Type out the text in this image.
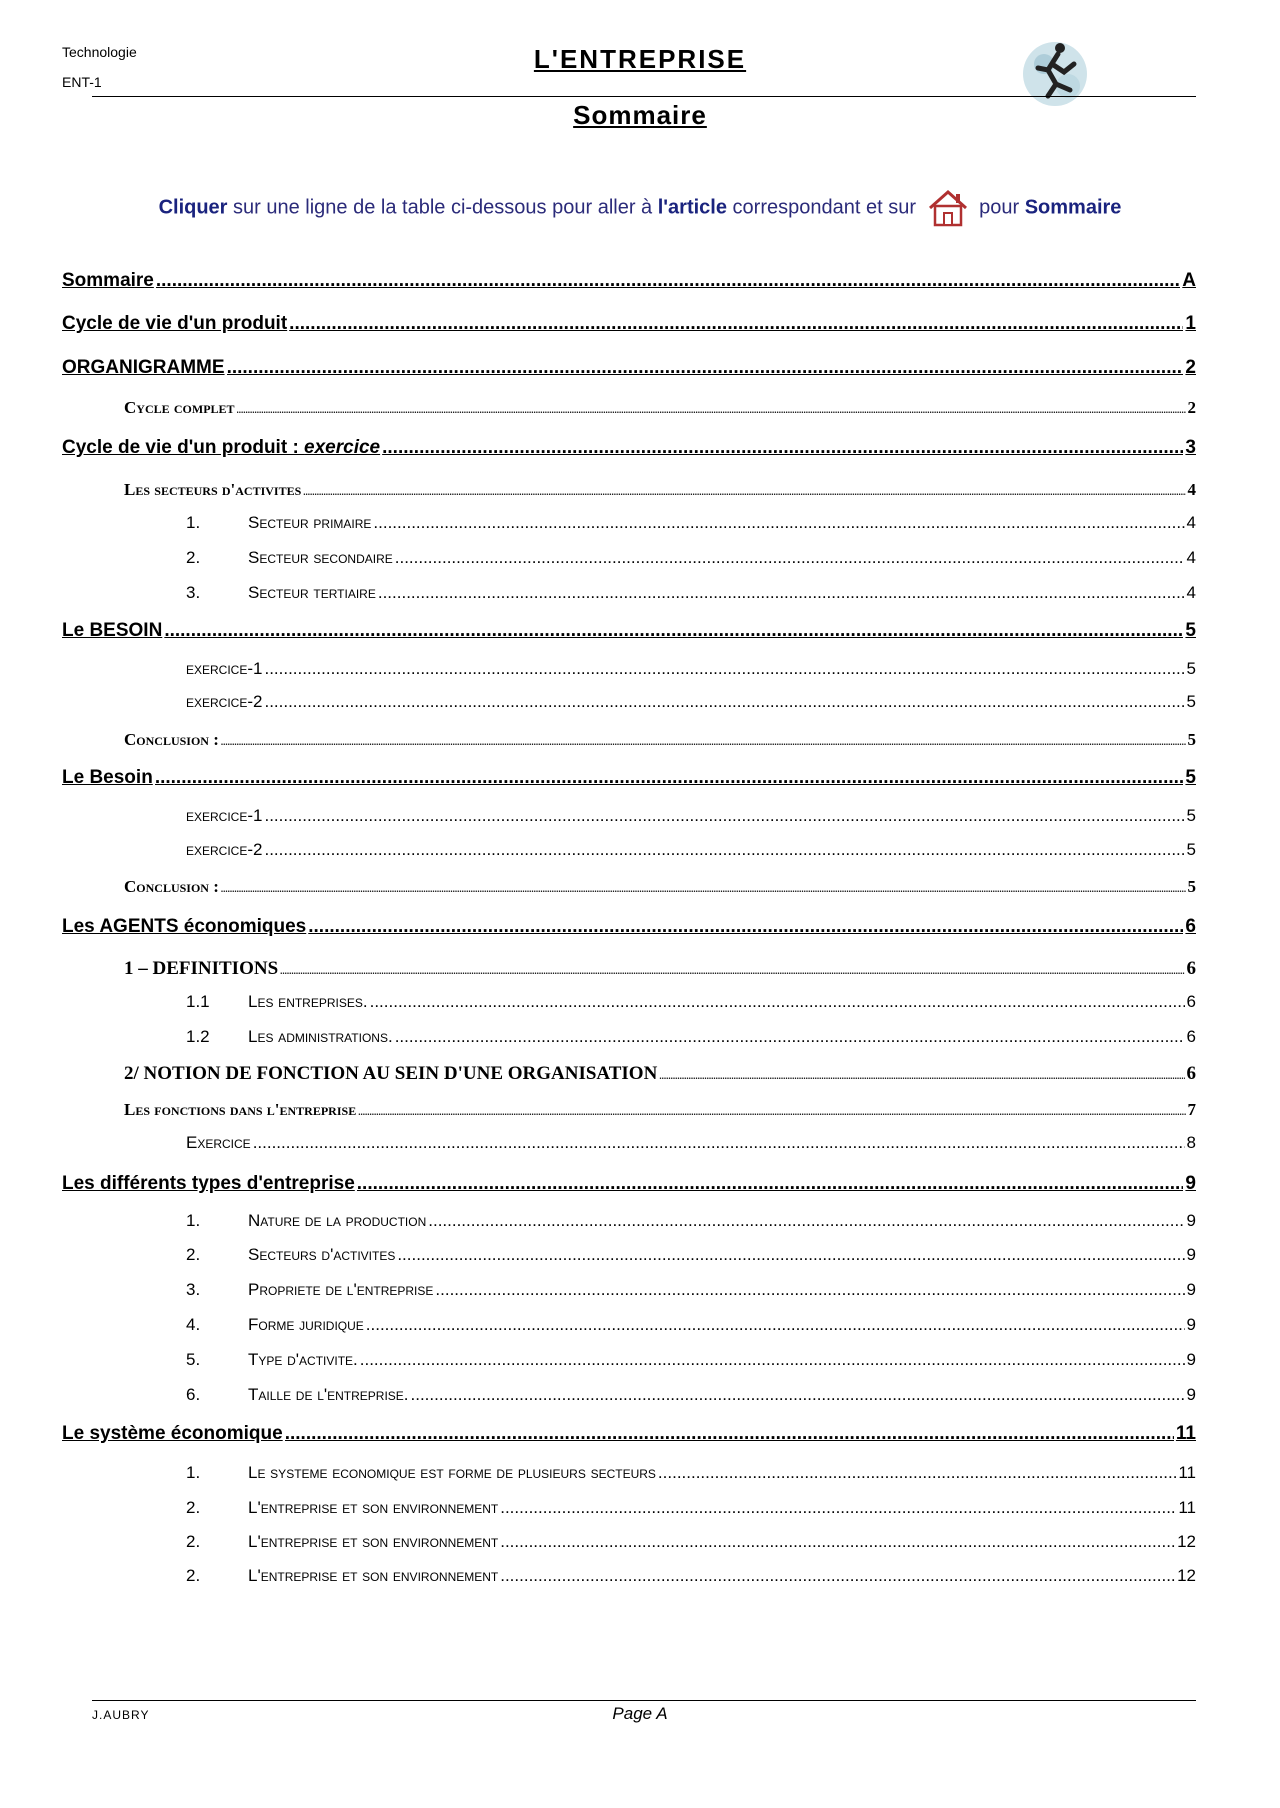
Technologie
ENT-1
L'ENTREPRISE
Sommaire
Cliquer sur une ligne de la table ci-dessous pour aller à l'article correspondant et sur	pour Sommaire
Sommaire .....	A
Cycle de vie d'un produit .....	1
ORGANIGRAMME .....	2
Cycle complet .....	2
Cycle de vie d'un produit : exercice .....	3
Les secteurs d'activites .....	4
1.	Secteur primaire .....	4
2.	Secteur secondaire .....	4
3.	Secteur tertiaire .....	4
Le BESOIN .....	5
exercice-1 .....	5
exercice-2 .....	5
Conclusion : .....	5
Le Besoin .....	5
exercice-1 .....	5
exercice-2 .....	5
Conclusion : .....	5
Les AGENTS économiques .....	6
1 – DEFINITIONS .....	6
1.1 Les entreprises. .....	6
1.2 Les administrations. .....	6
2/ NOTION DE FONCTION AU SEIN D'UNE ORGANISATION .....	6
Les fonctions dans l'entreprise .....	7
Exercice .....	8
Les différents types d'entreprise .....	9
1.	Nature de la production .....	9
2.	Secteurs d'activites .....	9
3.	Propriete de l'entreprise .....	9
4.	Forme juridique .....	9
5.	Type d'activite. .....	9
6.	Taille de l'entreprise. .....	9
Le système économique .....	11
1.	Le systeme economique est forme de plusieurs secteurs .....	11
2.	L'entreprise et son environnement .....	11
2.	L'entreprise et son environnement .....	12
2.	L'entreprise et son environnement .....	12
J.AUBRY	Page A
